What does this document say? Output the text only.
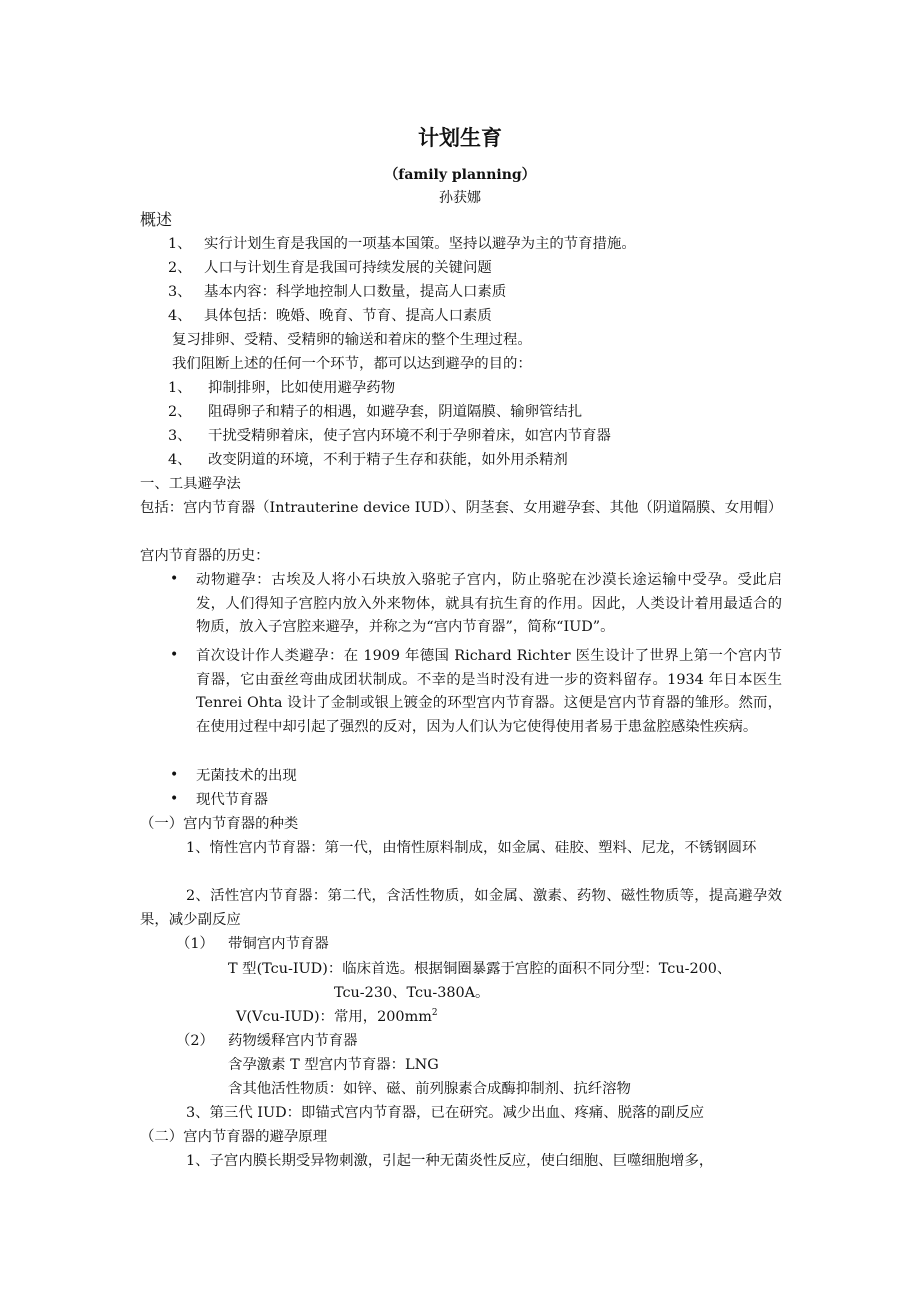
计划生育
（family planning）
孙获娜
概述
1、 实行计划生育是我国的一项基本国策。坚持以避孕为主的节育措施。
2、 人口与计划生育是我国可持续发展的关键问题
3、 基本内容：科学地控制人口数量，提高人口素质
4、 具体包括：晚婚、晚育、节育、提高人口素质
复习排卵、受精、受精卵的输送和着床的整个生理过程。
我们阻断上述的任何一个环节，都可以达到避孕的目的：
1、 抑制排卵，比如使用避孕药物
2、 阻碍卵子和精子的相遇，如避孕套，阴道隔膜、输卵管结扎
3、 干扰受精卵着床，使子宫内环境不利于孕卵着床，如宫内节育器
4、 改变阴道的环境，不利于精子生存和获能，如外用杀精剂
一、工具避孕法
包括：宫内节育器（Intrauterine device IUD）、阴茎套、女用避孕套、其他（阴道隔膜、女用帽）
宫内节育器的历史：
• 动物避孕：古埃及人将小石块放入骆驼子宫内，防止骆驼在沙漠长途运输中受孕。受此启发，人们得知子宫腔内放入外来物体，就具有抗生育的作用。因此，人类设计着用最适合的物质，放入子宫腔来避孕，并称之为“宫内节育器”，简称“IUD”。
• 首次设计作人类避孕：在 1909 年德国 Richard Richter 医生设计了世界上第一个宫内节育器，它由蚕丝弯曲成团状制成。不幸的是当时没有进一步的资料留存。1934 年日本医生 Tenrei Ohta 设计了金制或银上镀金的环型宫内节育器。这便是宫内节育器的雏形。然而，在使用过程中却引起了强烈的反对，因为人们认为它使得使用者易于患盆腔感染性疾病。
• 无菌技术的出现
• 现代节育器
（一）宫内节育器的种类
1、惰性宫内节育器：第一代，由惰性原料制成，如金属、硅胶、塑料、尼龙，不锈钢圆环
2、活性宫内节育器：第二代，含活性物质，如金属、激素、药物、磁性物质等，提高避孕效果，减少副反应
（1） 带铜宫内节育器
T 型(Tcu-IUD)：临床首选。根据铜圈暴露于宫腔的面积不同分型：Tcu-200、
Tcu-230、Tcu-380A。
V(Vcu-IUD)：常用，$200mm^2$
（2） 药物缓释宫内节育器
含孕激素 T 型宫内节育器：LNG
含其他活性物质：如锌、磁、前列腺素合成酶抑制剂、抗纤溶物
3、第三代 IUD：即锚式宫内节育器，已在研究。减少出血、疼痛、脱落的副反应
（二）宫内节育器的避孕原理
1、子宫内膜长期受异物刺激，引起一种无菌炎性反应，使白细胞、巨噬细胞增多，
